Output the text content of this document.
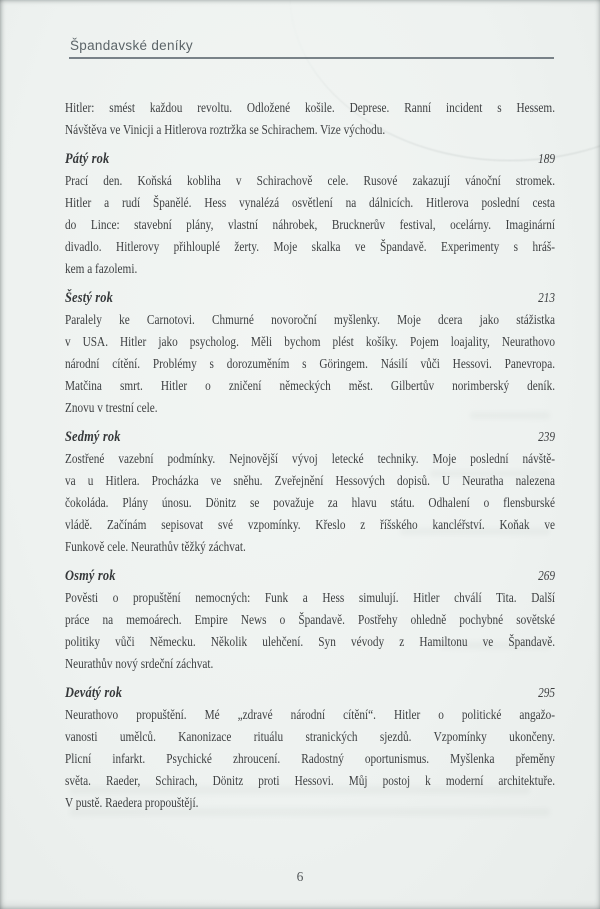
Špandavské deníky
Hitler: smést každou revoltu. Odložené košile. Deprese. Ranní incident s Hessem.
Návštěva ve Vinicji a Hitlerova roztržka se Schirachem. Vize východu.
Pátý rok	189
Prací den. Koňská kobliha v Schirachově cele. Rusové zakazují vánoční stromek.
Hitler a rudí Španělé. Hess vynalézá osvětlení na dálnicích. Hitlerova poslední cesta
do Lince: stavební plány, vlastní náhrobek, Brucknerův festival, ocelárny. Imaginární
divadlo. Hitlerovy přihlouplé žerty. Moje skalka ve Špandavě. Experimenty s hráš-
kem a fazolemi.
Šestý rok	213
Paralely ke Carnotovi. Chmurné novoroční myšlenky. Moje dcera jako stážistka
v USA. Hitler jako psycholog. Měli bychom plést košíky. Pojem loajality, Neurathovo
národní cítění. Problémy s dorozuměním s Göringem. Násilí vůči Hessovi. Panevropa.
Matčina smrt. Hitler o zničení německých měst. Gilbertův norimberský deník.
Znovu v trestní cele.
Sedmý rok	239
Zostřené vazební podmínky. Nejnovější vývoj letecké techniky. Moje poslední návště-
va u Hitlera. Procházka ve sněhu. Zveřejnění Hessových dopisů. U Neuratha nalezena
čokoláda. Plány únosu. Dönitz se považuje za hlavu státu. Odhalení o flensburské
vládě. Začínám sepisovat své vzpomínky. Křeslo z říšského kancléřství. Koňak ve
Funkově cele. Neurathův těžký záchvat.
Osmý rok	269
Pověsti o propuštění nemocných: Funk a Hess simulují. Hitler chválí Tita. Další
práce na memoárech. Empire News o Špandavě. Postřehy ohledně pochybné sovětské
politiky vůči Německu. Několik ulehčení. Syn vévody z Hamiltonu ve Špandavě.
Neurathův nový srdeční záchvat.
Devátý rok	295
Neurathovo propuštění. Mé „zdravé národní cítění“. Hitler o politické angažo-
vanosti umělců. Kanonizace rituálu stranických sjezdů. Vzpomínky ukončeny.
Plicní infarkt. Psychické zhroucení. Radostný oportunismus. Myšlenka přeměny
světa. Raeder, Schirach, Dönitz proti Hessovi. Můj postoj k moderní architektuře.
V pustě. Raedera propouštějí.
6
